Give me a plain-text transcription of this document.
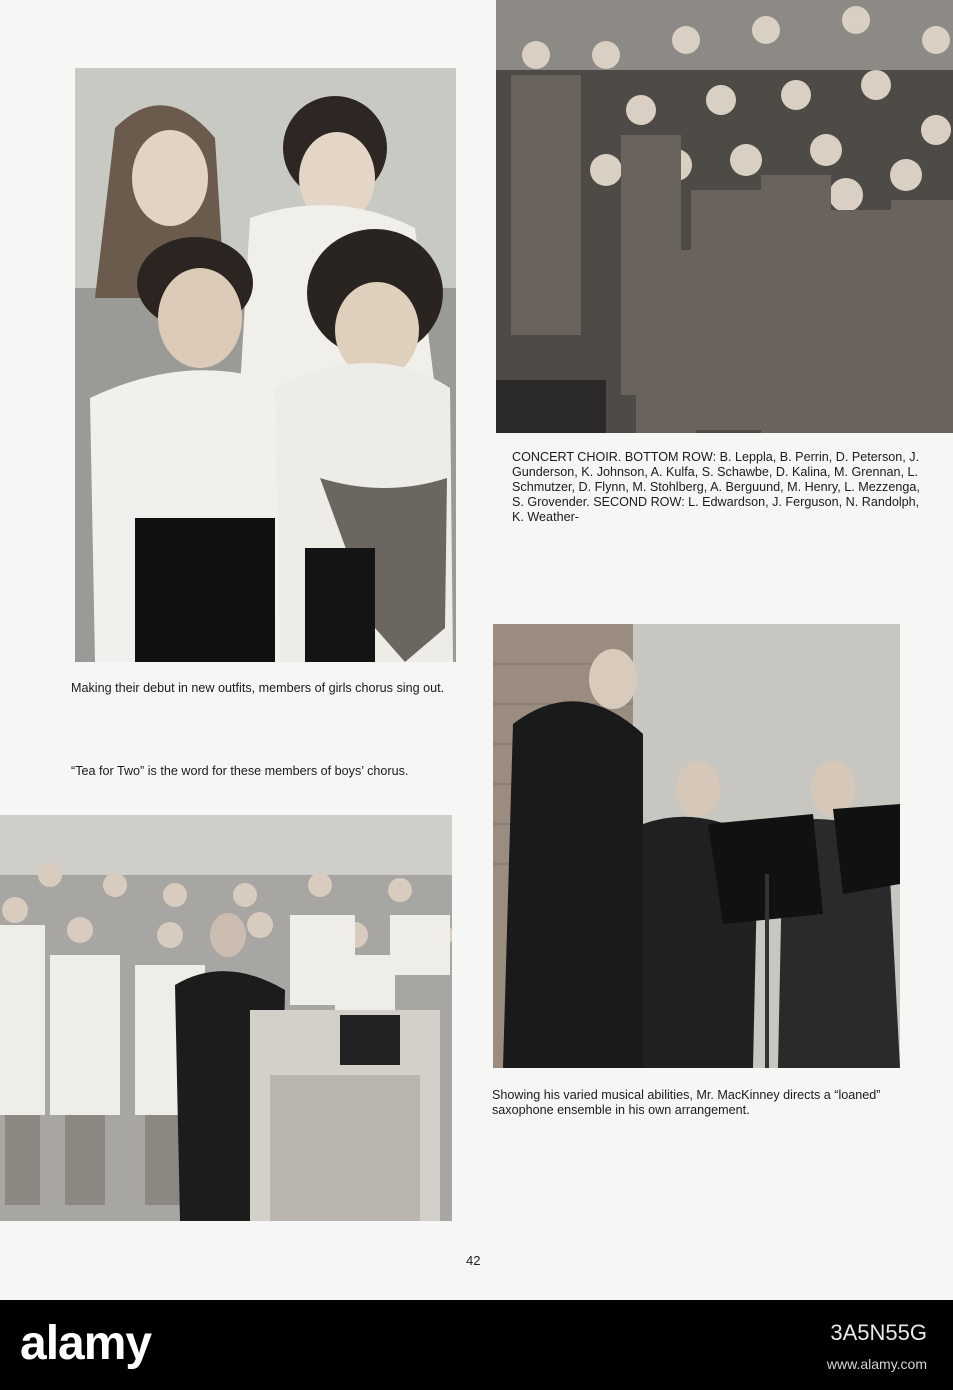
CONCERT CHOIR. BOTTOM ROW: B. Leppla, B. Perrin, D. Peterson, J. Gunderson, K. Johnson, A. Kulfa, S. Schawbe, D. Kalina, M. Grennan, L. Schmutzer, D. Flynn, M. Stohlberg, A. Berguund, M. Henry, L. Mezzenga, S. Grovender. SECOND ROW: L. Edwardson, J. Ferguson, N. Randolph, K. Weather-
Making their debut in new outfits, members of girls chorus sing out.
“Tea for Two” is the word for these members of boys’ chorus.
Showing his varied musical abilities, Mr. MacKinney directs a “loaned” saxophone ensemble in his own arrangement.
42
alamy	3A5N55G
www.alamy.com
